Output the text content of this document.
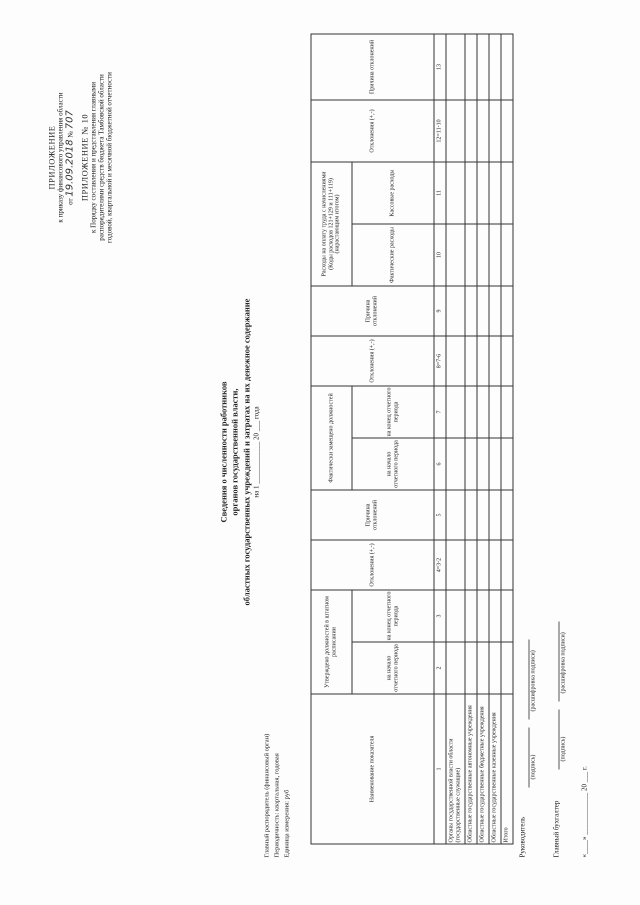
ПРИЛОЖЕНИЕ к приказу финансового управления области от 19.09.2018 № 707 ПРИЛОЖЕНИЕ № 10 к Порядку составления и представления главными распорядителями средств бюджета Тамбовской области годовой, квартальной и месячной бюджетной отчетности
Сведения о численности работников органов государственной власти, областных государственных учреждений и затратах на их денежное содержание на 1 ____________ 20 ___ года
Главный распорядитель (финансовый орган) Периодичность: квартальная, годовая Единица измерения: руб
Наименование показателя	Утверждено должностей в штатном расписании		Отклонения (+,-)	Причина отклонений	Фактически замещено должностей		Отклонения (+,-)	Причина отклонений	Расходы на оплату труда с начислениями (Коды расходов 121+129 и 111+119) (нарастающим итогом)		Отклонения (+,-)	Причина отклонений
	на начало отчетного периода	на конец отчетного периода			на начало отчетного периода	на конец отчетного периода			Фактические расходы	Кассовые расходы		
1	2	3	4=3-2	5	6	7	8=7-6	9	10	11	12=11-10	13
Органы государственной власти области (государственные служащие)												
Областные государственные автономные учреждения												
Областные государственные бюджетные учреждения												
Областные государственные казенные учреждения												
Итого												Руководитель
(подпись)
(расшифровка подписи)
Главный бухгалтер
(подпись)
(расшифровка подписи)
«____» ____________ 20 ___ г.
